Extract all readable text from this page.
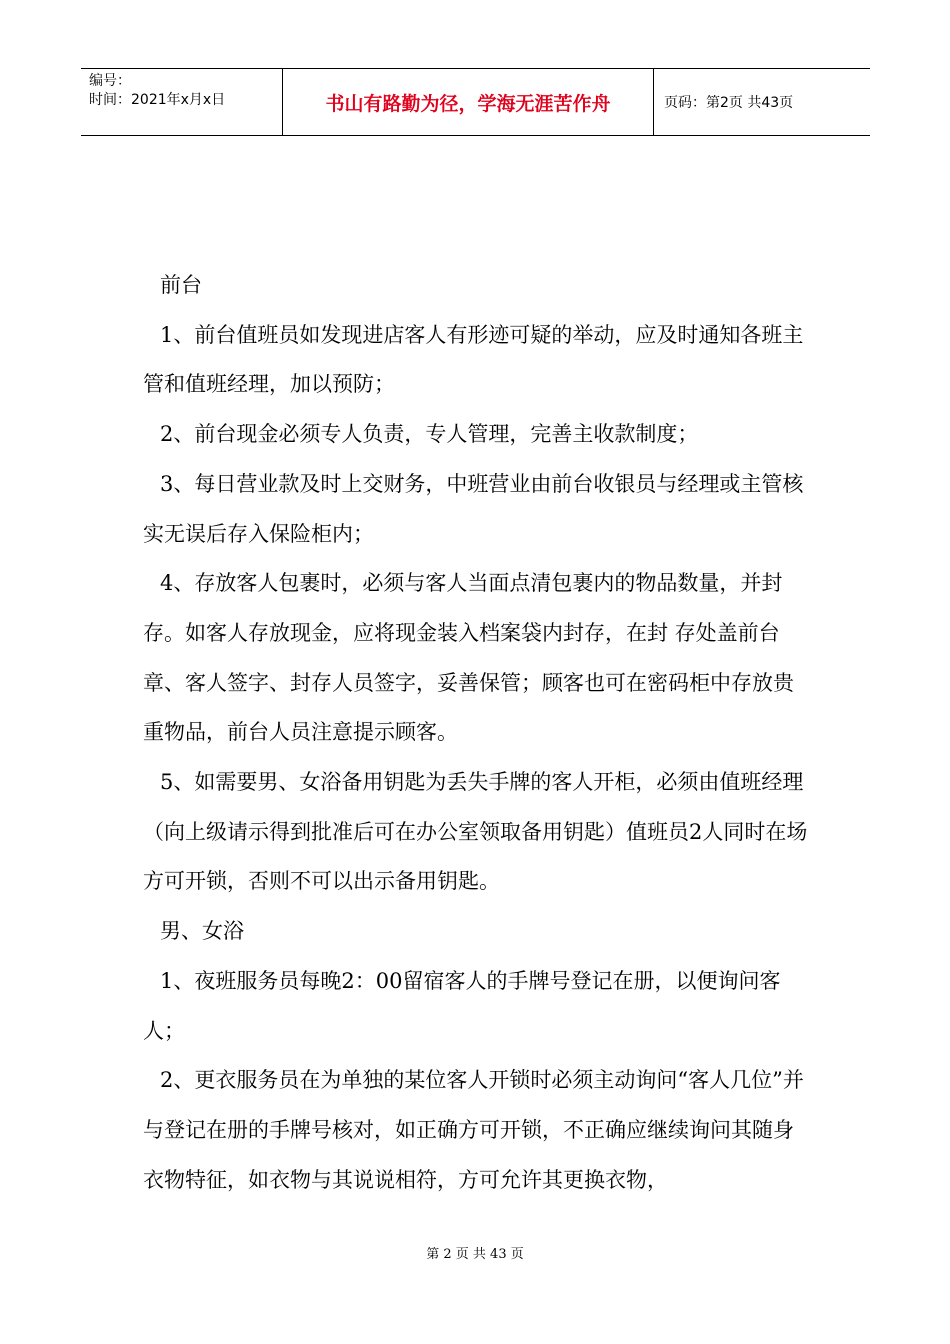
编号：
时间：2021年x月x日	书山有路勤为径，学海无涯苦作舟	页码：第2页 共43页

前台

1、前台值班员如发现进店客人有形迹可疑的举动，应及时通知各班主管和值班经理，加以预防；

2、前台现金必须专人负责，专人管理，完善主收款制度；

3、每日营业款及时上交财务，中班营业由前台收银员与经理或主管核实无误后存入保险柜内；

4、存放客人包裹时，必须与客人当面点清包裹内的物品数量，并封存。如客人存放现金，应将现金装入档案袋内封存，在封 存处盖前台章、客人签字、封存人员签字，妥善保管；顾客也可在密码柜中存放贵重物品，前台人员注意提示顾客。

5、如需要男、女浴备用钥匙为丢失手牌的客人开柜，必须由值班经理（向上级请示得到批准后可在办公室领取备用钥匙）值班员2人同时在场方可开锁，否则不可以出示备用钥匙。

男、女浴

1、夜班服务员每晚2：00留宿客人的手牌号登记在册，以便询问客人；

2、更衣服务员在为单独的某位客人开锁时必须主动询问“客人几位”并与登记在册的手牌号核对，如正确方可开锁，不正确应继续询问其随身衣物特征，如衣物与其说说相符，方可允许其更换衣物，

第 2 页 共 43 页
